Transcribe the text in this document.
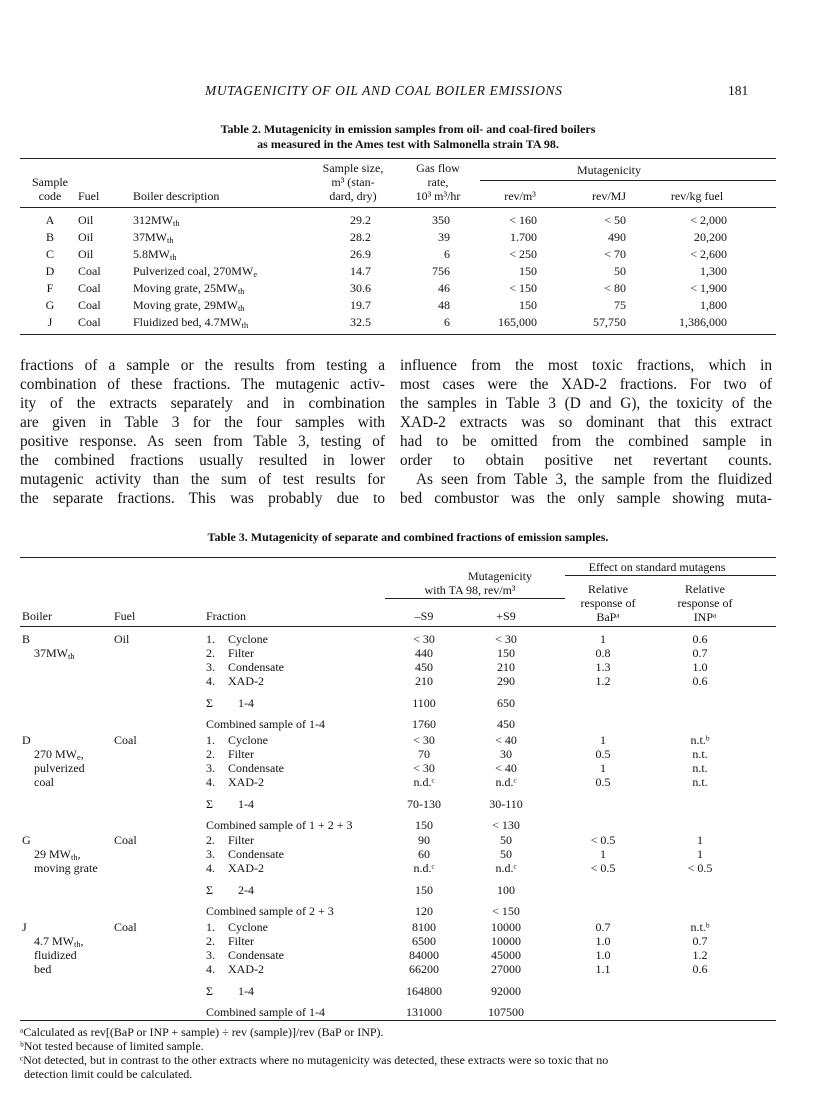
MUTAGENICITY OF OIL AND COAL BOILER EMISSIONS	181
Table 2. Mutagenicity in emission samples from oil- and coal-fired boilers
as measured in the Ames test with Salmonella strain TA 98.
Sample
code	Fuel	Boiler description
Sample size,
m³ (stan-
dard, dry)
Gas flow
rate,
10³ m³/hr
Mutagenicity
rev/m³	rev/MJ	rev/kg fuel
A	Oil	$312MW_{th}$	29.2	350	< 160	< 50	< 2,000
B	Oil	$37MW_{th}$	28.2	39	1.700	490	20,200
C	Oil	$5.8MW_{th}$	26.9	6	< 250	< 70	< 2,600
D	Coal	Pulverized coal, $270MW_e$	14.7	756	150	50	1,300
F	Coal	Moving grate, $25MW_{th}$	30.6	46	< 150	< 80	< 1,900
G	Coal	Moving grate, $29MW_{th}$	19.7	48	150	75	1,800
J	Coal	Fluidized bed, $4.7MW_{th}$	32.5	6	165,000	57,750	1,386,000

fractions of a sample or the results from testing a
combination of these fractions. The mutagenic activ-
ity of the extracts separately and in combination
are given in Table 3 for the four samples with
positive response. As seen from Table 3, testing of
the combined fractions usually resulted in lower
mutagenic activity than the sum of test results for
the separate fractions. This was probably due to

influence from the most toxic fractions, which in
most cases were the XAD-2 fractions. For two of
the samples in Table 3 (D and G), the toxicity of the
XAD-2 extracts was so dominant that this extract
had to be omitted from the combined sample in
order to obtain positive net revertant counts.
As seen from Table 3, the sample from the fluidized
bed combustor was the only sample showing muta-

Table 3. Mutagenicity of separate and combined fractions of emission samples.
Mutagenicity
with TA 98, rev/m³
Effect on standard mutagens
Relative
response of
BaPᵃ
Relative
response of
INPᵃ
Boiler	Fuel	Fraction	–S9	+S9
B
$37MW_{th}$
Oil	1. Cyclone	< 30	< 30	1	0.6
2. Filter	440	150	0.8	0.7
3. Condensate	450	210	1.3	1.0
4. XAD-2	210	290	1.2	0.6
Σ 1-4	1100	650
Combined sample of 1-4	1760	450
D
270 $MW_e$,
pulverized
coal
Coal	1. Cyclone	< 30	< 40	1	n.t.ᵇ
2. Filter	70	30	0.5	n.t.
3. Condensate	< 30	< 40	1	n.t.
4. XAD-2	n.d.ᶜ	n.d.ᶜ	0.5	n.t.
Σ 1-4	70-130	30-110
Combined sample of 1 + 2 + 3	150	< 130
G
29 $MW_{th}$,
moving grate
Coal	2. Filter	90	50	< 0.5	1
3. Condensate	60	50	1	1
4. XAD-2	n.d.ᶜ	n.d.ᶜ	< 0.5	< 0.5
Σ 2-4	150	100
Combined sample of 2 + 3	120	< 150
J
4.7 $MW_{th}$,
fluidized
bed
Coal	1. Cyclone	8100	10000	0.7	n.t.ᵇ
2. Filter	6500	10000	1.0	0.7
3. Condensate	84000	45000	1.0	1.2
4. XAD-2	66200	27000	1.1	0.6
Σ 1-4	164800	92000
Combined sample of 1-4	131000	107500
ᵃCalculated as rev[(BaP or INP + sample) ÷ rev (sample)]/rev (BaP or INP).
ᵇNot tested because of limited sample.
ᶜNot detected, but in contrast to the other extracts where no mutagenicity was detected, these extracts were so toxic that no
detection limit could be calculated.
